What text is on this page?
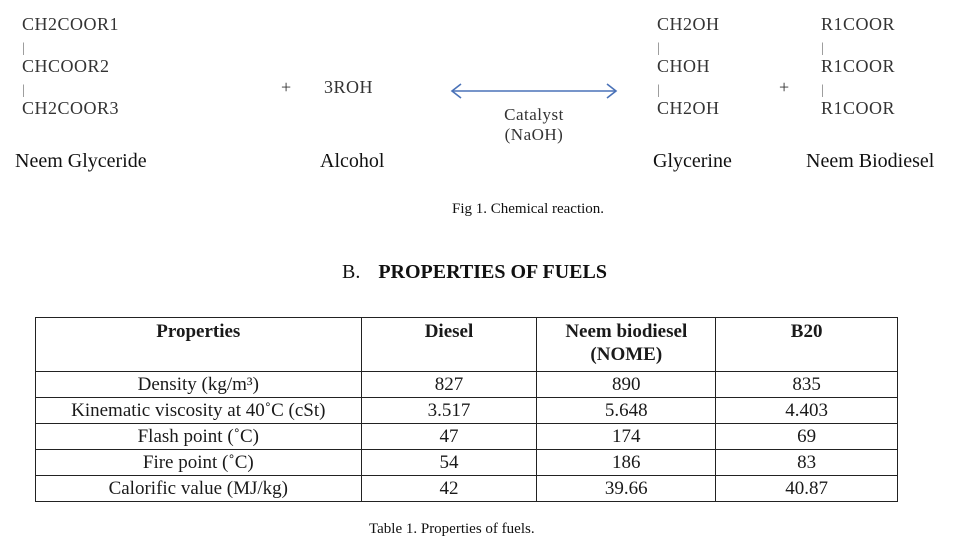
CH2COOR1
|
CHCOOR2
|
CH2COOR3
+ 3ROH
Catalyst
(NaOH)
CH2OH
|
CHOH
|
CH2OH
+
R1COOR
|
R1COOR
|
R1COOR
Neem Glyceride	Alcohol	Glycerine	Neem Biodiesel
Fig 1. Chemical reaction.
B. PROPERTIES OF FUELS
Properties	Diesel	Neem biodiesel (NOME)	B20
Density (kg/m³)	827	890	835
Kinematic viscosity at 40˚C (cSt)	3.517	5.648	4.403
Flash point (˚C)	47	174	69
Fire point (˚C)	54	186	83
Calorific value (MJ/kg)	42	39.66	40.87
Table 1. Properties of fuels.
